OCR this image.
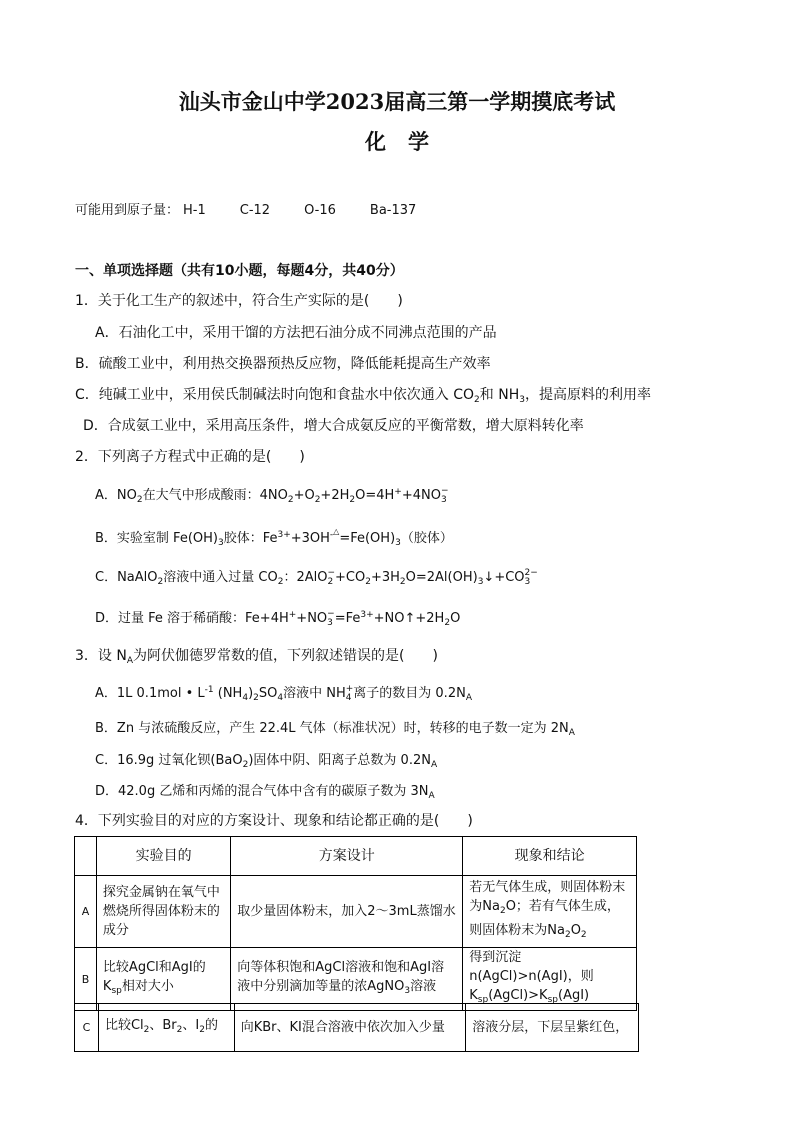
汕头市金山中学2023届高三第一学期摸底考试
化学
可能用到原子量： H-1	C-12	O-16	Ba-137
一、单项选择题（共有10小题，每题4分，共40分）
1．关于化工生产的叙述中，符合生产实际的是(　　)
A．石油化工中，采用干馏的方法把石油分成不同沸点范围的产品
B．硫酸工业中，利用热交换器预热反应物，降低能耗提高生产效率
C．纯碱工业中，采用侯氏制碱法时向饱和食盐水中依次通入 $CO_2$和 $NH_3$，提高原料的利用率
D．合成氨工业中，采用高压条件，增大合成氨反应的平衡常数，增大原料转化率
2．下列离子方程式中正确的是(　　)
A．$NO_2$在大气中形成酸雨：$4NO_2+O_2+2H_2O=4H^++4NO$ −
3
B．实验室制 $Fe(OH)_3$胶体：$Fe^{3+}+3OH^-$ △ $=Fe(OH)_3$（胶体）
C．NaAlO$_2$溶液中通入过量 $CO_2$：2AlO −
$2 +CO_2+3H_2O=2Al(OH)_3↓+CO$ 2−
3
D．过量 Fe 溶于稀硝酸：Fe+4H++NO −
$3 =Fe^{3+}+NO↑+2H_2O$
3．设 $N_A$为阿伏伽德罗常数的值，下列叙述错误的是(　　)
A．1L 0.1mol • $L^{-1}$ $(NH_4)_2SO_4$溶液中 NH +
4 离子的数目为 $0.2N_A$
B．Zn 与浓硫酸反应，产生 22.4L 气体（标准状况）时，转移的电子数一定为 $2N_A$
C．16.9g 过氧化钡(BaO$_2$)固体中阴、阳离子总数为 $0.2N_A$
D．42.0g 乙烯和丙烯的混合气体中含有的碳原子数为 $3N_A$
4．下列实验目的对应的方案设计、现象和结论都正确的是(　　)
	实验目的	方案设计	现象和结论
A	探究金属钠在氧气中燃烧所得固体粉末的成分	取少量固体粉末，加入2～3mL蒸馏水	若无气体生成，则固体粉末为$Na_2O$；若有气体生成，则固体粉末为$Na_2O_2$
B	比较AgCl和AgI的$K_{sp}$相对大小	向等体积饱和AgCl溶液和饱和AgI溶液中分别滴加等量的浓AgNO$_3$溶液	得到沉淀n(AgCl)>n(AgI)，则
$K_{sp}(AgCl)>K_{sp}(AgI)$
C	比较$Cl_2$、$Br_2$、$I_2$的	向KBr、KI混合溶液中依次加入少量	溶液分层，下层呈紫红色，
